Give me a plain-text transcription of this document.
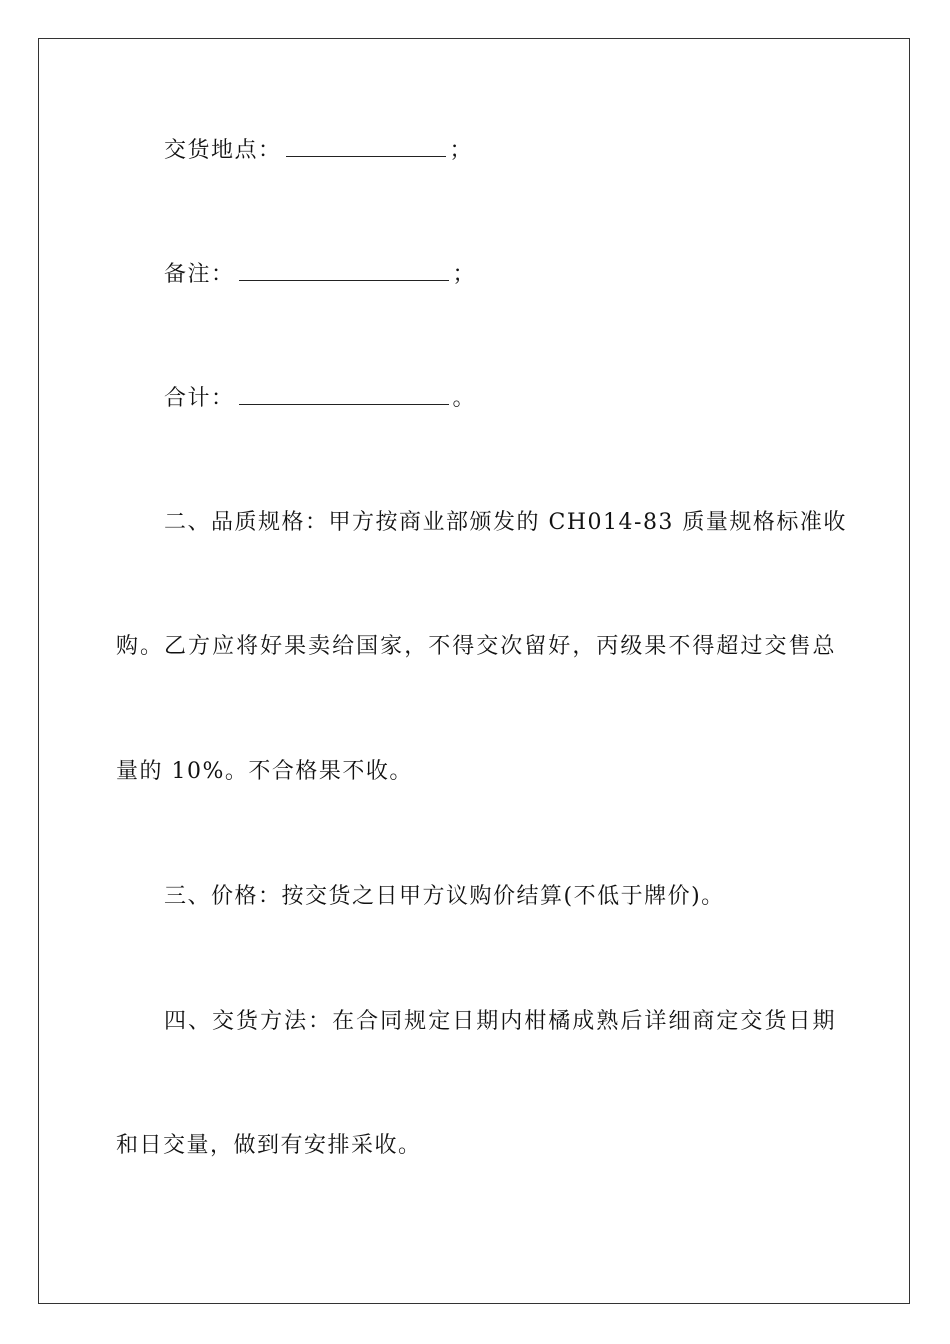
交货地点：	；
备注：	；
合计：	。
二、品质规格：甲方按商业部颁发的 CH014-83 质量规格标准收
购。乙方应将好果卖给国家，不得交次留好，丙级果不得超过交售总
量的 10%。不合格果不收。
三、价格：按交货之日甲方议购价结算(不低于牌价)。
四、交货方法：在合同规定日期内柑橘成熟后详细商定交货日期
和日交量，做到有安排采收。
